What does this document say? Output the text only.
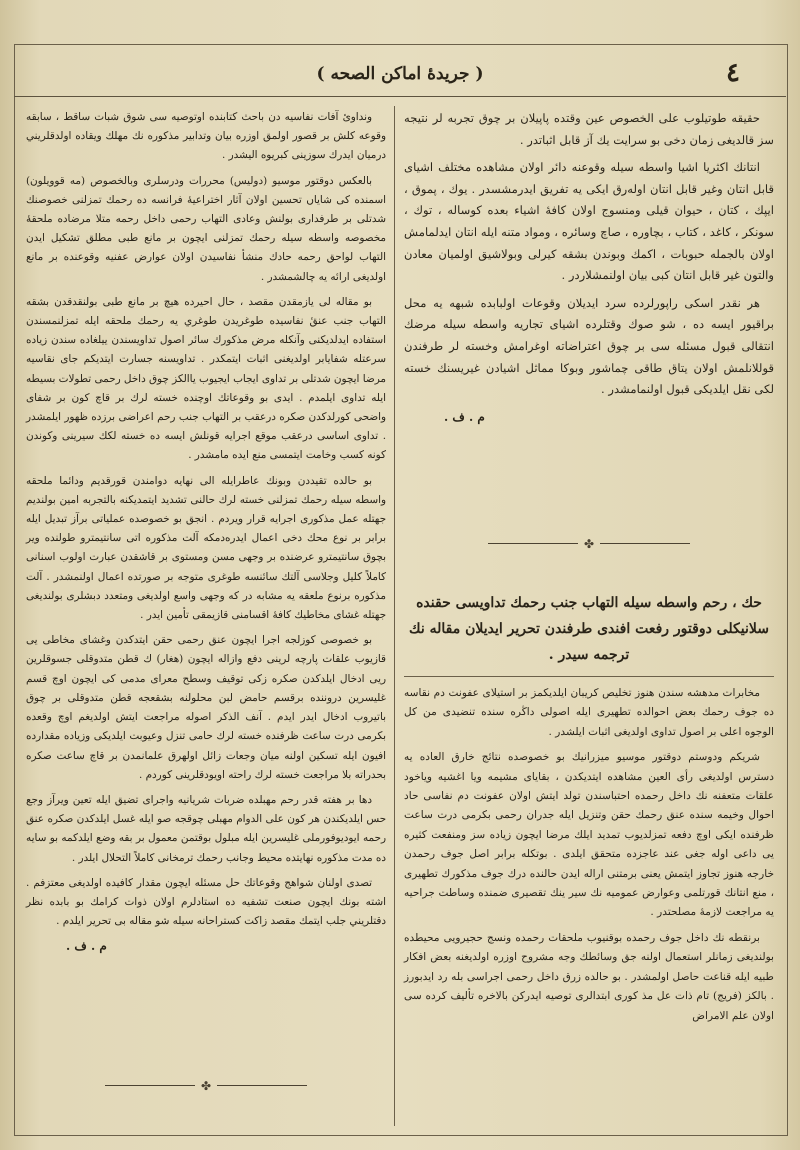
٤
( جريدهٔ اماكن الصحه )

حقيقه طوتيلوب على الخصوص عين وقتده پاپيلان بر چوق تجربه لر نتيجه سز قالديغى زمان دخى بو سرايت يك آز قابل اثباتدر .

انتانك اكثريا اشيا واسطه سيله وقوعنه دائر اولان مشاهده مختلف اشياى قابل انتان وغير قابل انتان اولەرق ايكى يه تفريق ايدرمشسدر . يوك ، پموق ، ايپك ، كتان ، حيوان قيلى ومنسوج اولان كافهٔ اشياء بعده كوساله ، توك ، سونكر ، كاغد ، كتاب ، بچاوره ، صاچ وسائره ، ومواد متنه ايله انتان ايدلمامش اولان بالجمله حبوبات ، اكمك وبوندن بشقه كيرلى وبولاشيق اولميان معادن والتون غير قابل انتان كبى بيان اولنمشلاردر .

هر نقدر اسكى راپورلرده سرد ايديلان وقوعات اولبابده شبهه يه محل براقيور ايسه ده ، شو صوك وقتلرده اشياى تجاريه واسطه سيله مرضك انتقالى قبول مسئله سى بر چوق اعتراضاته اوغرامش وخسته لر طرفندن قوللانلمش اولان يتاق طاقى چماشور وبوكا مماثل اشيادن غيريسنك خسته لكى نقل ايلديكى قبول اولنمامشدر .

م . ف .
✤
حك ، رحم واسطه سيله التهاب جنب رحمك تداويسى حقنده سلانيكلى دوقتور رفعت افندى طرفندن تحرير ايديلان مقاله نك ترجمه سيدر .

مخابرات مدهشه سندن هنوز تخليص كريبان ايلديكمز بر استيلاى عفونت دم نقاسه ده جوف رحمك بعض احوالده تطهيرى ايله اصولى داڭره سنده تنضيدى من كل الوجوه اعلى بر اصول تداوى اولديغى اثبات ايلشدر .

شريكم ودوستم دوقتور موسيو ميزرانيك بو خصوصده نتائج خارق العاده يه دسترس اولديغى رأى العين مشاهده ايتديكدن ، بقاياى مشيمه ويا اغشيه وياخود علقات متعفنه نك داخل رحمده احتباسندن تولد ايتش اولان عفونت دم نفاسى حاد احوال وخيمه سنده عنق رحمك حقن وتنزيل ايله جدران رحمى بكرمى درت ساعت ظرفنده ايكى اوچ دفعه تمزلديوب تمديد ايلك مرضا ايچون زياده سز ومنفعت كثيره يى داعى اوله جغى عند عاجزده متحقق ايلدى . بوتكله برابر اصل جوف رحمدن خارجه هنوز تجاوز ايتمش يعنى برمتنى اراله ايدن حالنده درك جوف مذكورك تطهيرى ، منع انتانك قورتلمى وعوارض عموميه نك سير ينك تقصيرى ضمنده وساطت جراحيه يه مراجعت لازمهٔ مصلحتدر .

برنقطه نك داخل جوف رحمده بوقنيوب ملحقات رحمده ونسج حجيرويى محيطده بولنديغى زمانلر استعمال اولنه جق وسائطك وجه مشروح اوزره اولديغنه بعض افكار طبيه ايله قناعت حاصل اولمشدر . بو حالده زرق داخل رحمى اجراسى بله رد ايدبورز . بالكز (فريج) تام ذات عل مذ كورى ابتدالرى توصيه ايدركن بالاخره تأليف كرده سى اولان علم الامراض

ونداوىٔ آفات نفاسيه دن باحث كتابنده اوتوصيه سى شوق شبات ساقط ، سابقه وقوعه كلش بر قصور اولمق اوزره بيان وتدابير مذكوره نك مهلك ويقاده اولدقلريني درميان ايدرك سوزينى كبريوه اليشدر .

بالعكس دوقتور موسيو (دوليس) محررات ودرسلرى وبالخصوص (مه قوويلون) اسمنده كى شاياں تحسين اولان آثار اختراعيهٔ فرانسه ده رحمك تمزلنى خصوصنك شدتلى بر طرفدارى بولنش وعادى التهاب رحمى داخل رحمه متلا مرضاده ملحقهٔ مخصوصه واسطه سيله رحمك تمزلنى ايچون بر مانع طبى مطلق تشكيل ايدن التهاب لواحق رحمه حادك منشأ نفاسيدن اولان عوارض عفنيه وقوعنده بر مانع اولديغى ارائه يه چالشمشدر .

بو مقاله لى يازمقدن مقصد ، حال احيرده هيچ بر مانع طبى بولنقدقدن بشقه التهاب جنب عنقٔ نفاسيده طوغريدن طوغري يه رحمك ملحقه ايله تمزلنمسندن استفاده ايدلديكنى وآنكله مرض مذكورك سائر اصول تداويسندن ييلغاده سندن زياده سرعتله شفايابر اولديغنى اثبات ايتمكدر . تداويسنه جسارت ايتديكم جاى نقاسيه مرضا ايچون شدتلى بر تداوى ايجاب ايجيوب ياالكز چوق داخل رحمى تطولات بسيطه ايله تداوى ايلمدم . ايدى بو وقوعاتك اوچنده خسته لرك بر قاچ كون بر شفاى واضحى كورلدكدن صكره درعقب بر التهاب جنب رحم اعراضى برزده ظهور ايلمشدر . تداوى اساسى درعقب موقع اجرايه قونلش ايسه ده خسته لكك سيرينى وكوندن كونه كسب وخامت ايتمسى منع ايده مامشدر .

بو حالده تقيددن وبونك عاطرايله الى نهايه دوامندن قورقديم ودائما ملحقه واسطه سيله رحمك تمزلنى خسته لرك حالنى تشديد ايتمديكنه بالتجربه امين بولنديم جهتله عمل مذكورى اجرايه قرار ويردم . انجق بو خصوصده عملياتى برآز تبديل ايله برابر بر نوع محك دخى اعمال ايدرەدمكه آلت مذكوره اتى سانتيمترو طولنده وير بچوق سانتيمترو عرضنده بر وجهى مسن ومستوى بر قاشقدن عبارت اولوب اسنانى كاملاً كليل وجلاسى آلتك سائنسه طوغرى متوجه بر صورتده اعمال اولنمشدر . آلت مذكوره برنوع ملعقه يه مشابه در كه وجهى واسع اولديغى ومتعدد دبشلرى بولنديغى جهتله غشاى مخاطيك كافهٔ اقسامنى قازيمقى تأمين ايدر .

بو خصوصى كوزلجه اجرا ايچون عنق رحمى حقن ايتدكدن وغشاى مخاطى يى قازيوب علقات پارچه لرينى دفع وازاله ايچون (هغار) ك قطن متدوقلى جسوقلرين ريى ادخال ايلدكدن صكره زكى توقيف وسطح معراى مدمى كى ايچون اوچ قسم غليسرين دروننده برقسم حامض لبن محلولنه بشقعجه قطن متدوقلى بر چوق باتيروب ادخال ايدر ايدم . آنف الذكر اصوله مراجعت ايتش اولديغم اوچ وقعده بكرمى درت ساعت ظرفنده خسته لرك حامى تنزل وعيوبت ايلديكى وزياده مقدارده افيون ايله تسكين اولنه ميان وجعات زائل اولهرق علمانمدن بر قاچ ساعت صكره بحدراته بلا مراجعت خسته لرك راحته اويودقلرينى كوردم .

دها بر هفته قدر رحم مهبلده ضربات شريانيه واجراى تضيق ايله تعين ويرآز وجع حس ايلديكندن هر كون على الدوام مهبلى چوقجه صو ايله غسل ايلدكدن صكره عنق رحمه ايوديوفورملى غليسرين ايله مبلول بوقتمن معمول بر بقه وضع ايلدكمه بو سايه ده مدت مذكوره نهايتده محيط وجانب رحمك ترمخانى كاملاً التحلال ايلدر .

تصدى اولنان شواهج وقوعاتك حل مسئله ايچون مقدار كافيده اولديغى معتزفم . اشته بونك ايچون صنعت تشفيه ده استادلرم اولان ذوات كرامك بو بابده نظر دقتلريني جلب ايتمك مقصد زاكت كستراحانه سيله شو مقاله بى تحرير ايلدم .

م . ف .
✤
